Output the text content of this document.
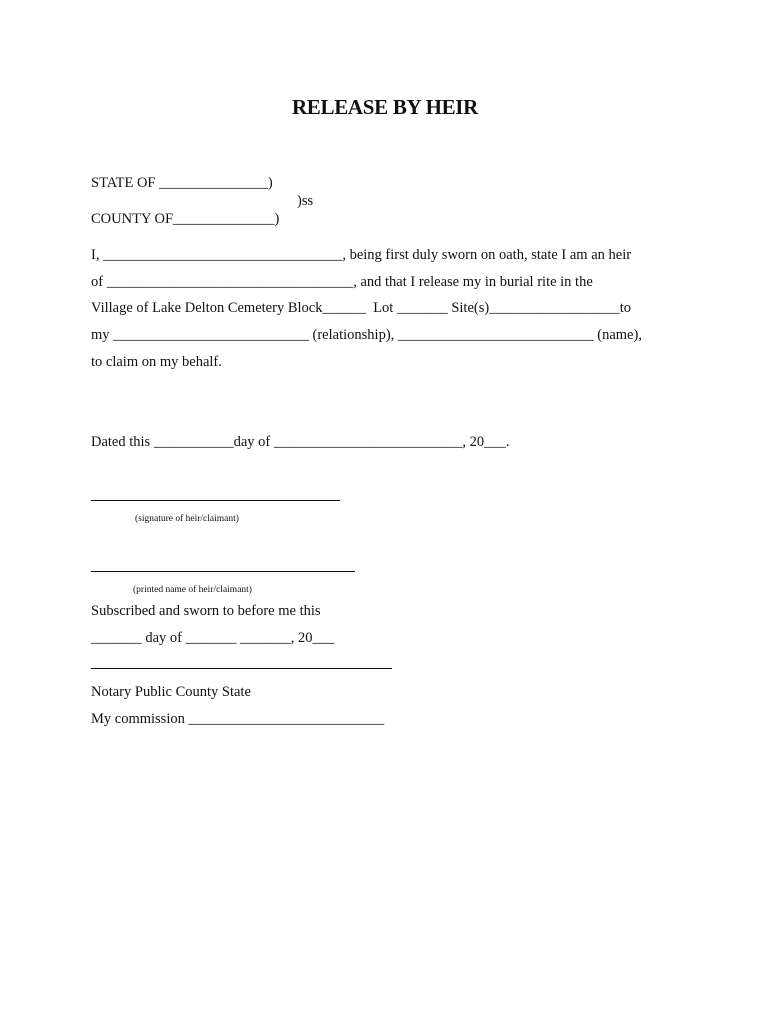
RELEASE BY HEIR
STATE OF _______________)
)ss
COUNTY OF______________)
I, _________________________________, being first duly sworn on oath, state I am an heir
of __________________________________, and that I release my in burial rite in the
Village of Lake Delton Cemetery Block______  Lot _______ Site(s)__________________to
my ___________________________ (relationship), ___________________________ (name),
to claim on my behalf.
Dated this ___________day of __________________________, 20___.
(signature of heir/claimant)
(printed name of heir/claimant)
Subscribed and sworn to before me this
_______ day of _______ _______, 20___
Notary Public County State
My commission ___________________________
